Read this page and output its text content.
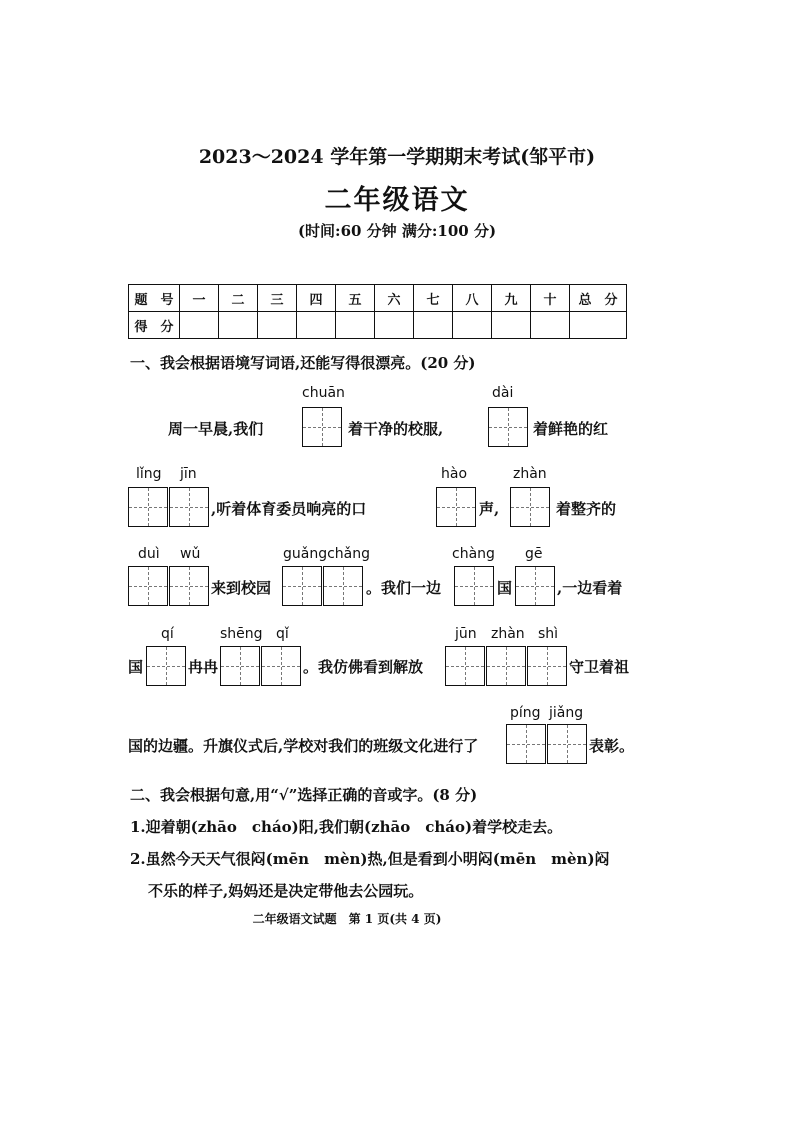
2023～2024 学年第一学期期末考试(邹平市)
二年级语文
(时间:60 分钟 满分:100 分)
题　号	一	二	三	四	五	六	七	八	九	十	总　分
得　分											
一、我会根据语境写词语,还能写得很漂亮。(20 分)
周一早晨,我们
chuān
着干净的校服,
dài
着鲜艳的红
lǐng jīn
,听着体育委员响亮的口
hào
声,
zhàn
着整齐的
duì wǔ
来到校园
guǎngchǎng
。我们一边
chàng
国
gē
,一边看着
国
qí
冉冉
shēng qǐ
。我仿佛看到解放
jūn zhàn shì
守卫着祖
国的边疆。升旗仪式后,学校对我们的班级文化进行了
píng jiǎng
表彰。
二、我会根据句意,用“√”选择正确的音或字。(8 分)
1.迎着朝(zhāo　cháo)阳,我们朝(zhāo　cháo)着学校走去。
2.虽然今天天气很闷(mēn　mèn)热,但是看到小明闷(mēn　mèn)闷
不乐的样子,妈妈还是决定带他去公园玩。
二年级语文试题　第 1 页(共 4 页)
